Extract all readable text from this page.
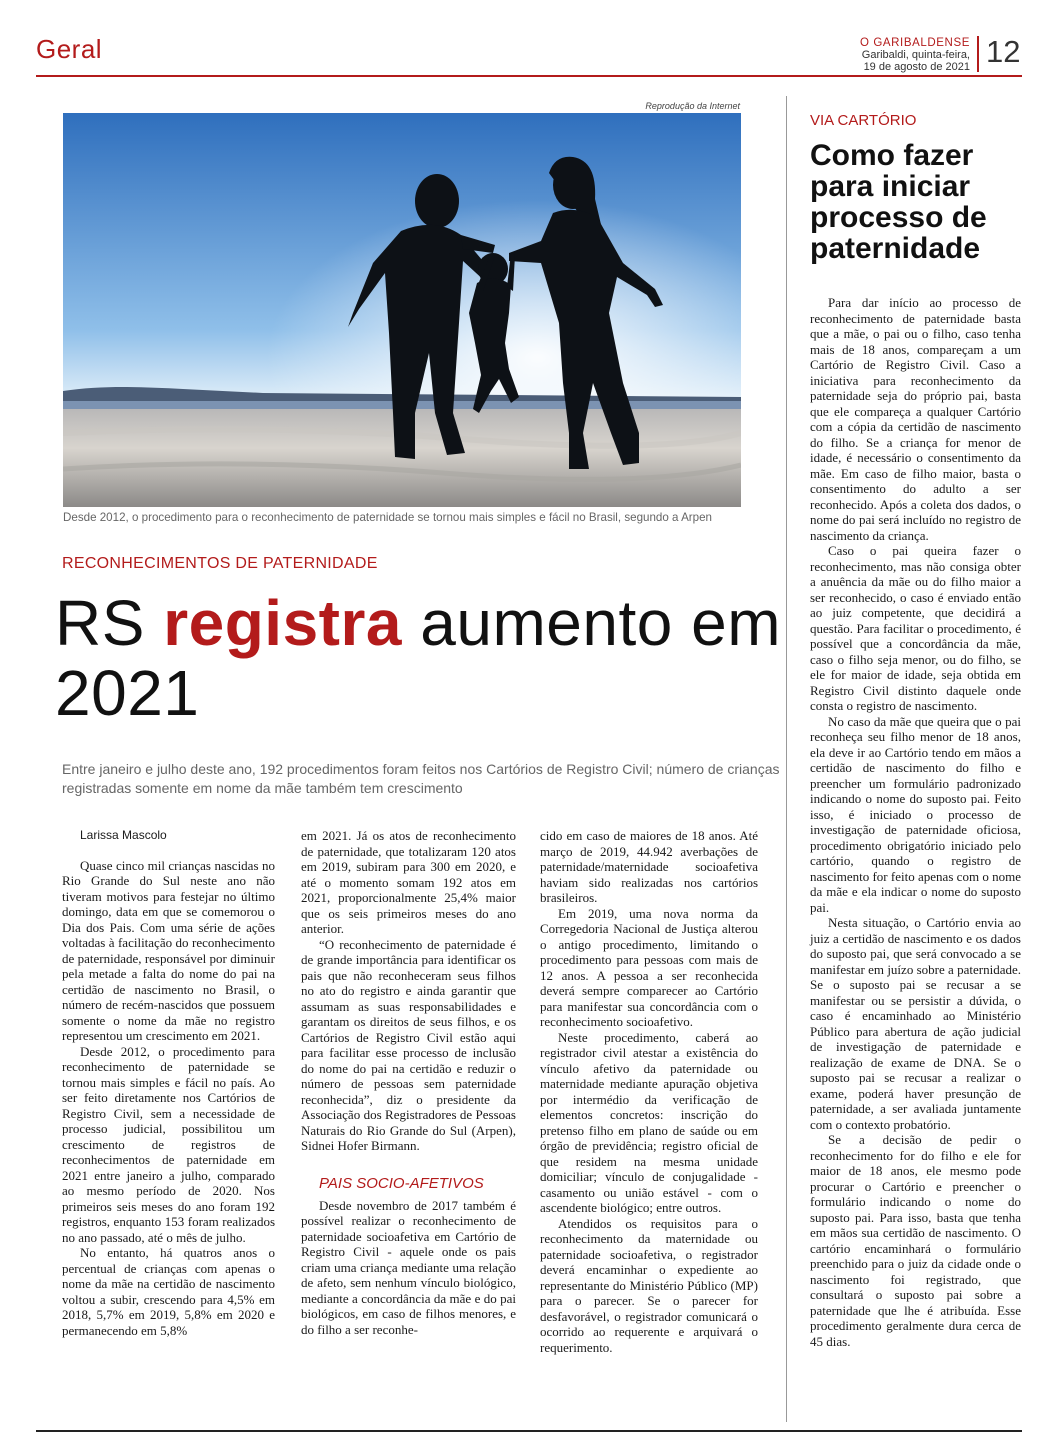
Geral	O GARIBALDENSE
Garibaldi, quinta-feira,
19 de agosto de 2021 12
Reprodução da Internet
Desde 2012, o procedimento para o reconhecimento de paternidade se tornou mais simples e fácil no Brasil, segundo a Arpen
RECONHECIMENTOS DE PATERNIDADE
RS registra aumento em 2021
Entre janeiro e julho deste ano, 192 procedimentos foram feitos nos Cartórios de Registro Civil; número de crianças registradas somente em nome da mãe também tem crescimento

Larissa Mascolo

Quase cinco mil crianças nascidas no Rio Grande do Sul neste ano não tiveram motivos para festejar no último domingo, data em que se comemorou o Dia dos Pais. Com uma série de ações voltadas à facilitação do reconhecimento de paternidade, responsável por diminuir pela metade a falta do nome do pai na certidão de nascimento no Brasil, o número de recém-nascidos que possuem somente o nome da mãe no registro representou um crescimento em 2021.

Desde 2012, o procedimento para reconhecimento de paternidade se tornou mais simples e fácil no país. Ao ser feito diretamente nos Cartórios de Registro Civil, sem a necessidade de processo judicial, possibilitou um crescimento de registros de reconhecimentos de paternidade em 2021 entre janeiro a julho, comparado ao mesmo período de 2020. Nos primeiros seis meses do ano foram 192 registros, enquanto 153 foram realizados no ano passado, até o mês de julho.

No entanto, há quatros anos o percentual de crianças com apenas o nome da mãe na certidão de nascimento voltou a subir, crescendo para 4,5% em 2018, 5,7% em 2019, 5,8% em 2020 e permanecendo em 5,8%

em 2021. Já os atos de reconhecimento de paternidade, que totalizaram 120 atos em 2019, subiram para 300 em 2020, e até o momento somam 192 atos em 2021, proporcionalmente 25,4% maior que os seis primeiros meses do ano anterior.

“O reconhecimento de paternidade é de grande importância para identificar os pais que não reconheceram seus filhos no ato do registro e ainda garantir que assumam as suas responsabilidades e garantam os direitos de seus filhos, e os Cartórios de Registro Civil estão aqui para facilitar esse processo de inclusão do nome do pai na certidão e reduzir o número de pessoas sem paternidade reconhecida”, diz o presidente da Associação dos Registradores de Pessoas Naturais do Rio Grande do Sul (Arpen), Sidnei Hofer Birmann.

PAIS SOCIO-AFETIVOS

Desde novembro de 2017 também é possível realizar o reconhecimento de paternidade socioafetiva em Cartório de Registro Civil - aquele onde os pais criam uma criança mediante uma relação de afeto, sem nenhum vínculo biológico, mediante a concordância da mãe e do pai biológicos, em caso de filhos menores, e do filho a ser reconhe-

cido em caso de maiores de 18 anos. Até março de 2019, 44.942 averbações de paternidade/maternidade socioafetiva haviam sido realizadas nos cartórios brasileiros.

Em 2019, uma nova norma da Corregedoria Nacional de Justiça alterou o antigo procedimento, limitando o procedimento para pessoas com mais de 12 anos. A pessoa a ser reconhecida deverá sempre comparecer ao Cartório para manifestar sua concordância com o reconhecimento socioafetivo.

Neste procedimento, caberá ao registrador civil atestar a existência do vínculo afetivo da paternidade ou maternidade mediante apuração objetiva por intermédio da verificação de elementos concretos: inscrição do pretenso filho em plano de saúde ou em órgão de previdência; registro oficial de que residem na mesma unidade domiciliar; vínculo de conjugalidade - casamento ou união estável - com o ascendente biológico; entre outros.

Atendidos os requisitos para o reconhecimento da maternidade ou paternidade socioafetiva, o registrador deverá encaminhar o expediente ao representante do Ministério Público (MP) para o parecer. Se o parecer for desfavorável, o registrador comunicará o ocorrido ao requerente e arquivará o requerimento.

VIA CARTÓRIO
Como fazer para iniciar processo de paternidade

Para dar início ao processo de reconhecimento de paternidade basta que a mãe, o pai ou o filho, caso tenha mais de 18 anos, compareçam a um Cartório de Registro Civil. Caso a iniciativa para reconhecimento da paternidade seja do próprio pai, basta que ele compareça a qualquer Cartório com a cópia da certidão de nascimento do filho. Se a criança for menor de idade, é necessário o consentimento da mãe. Em caso de filho maior, basta o consentimento do adulto a ser reconhecido. Após a coleta dos dados, o nome do pai será incluído no registro de nascimento da criança.

Caso o pai queira fazer o reconhecimento, mas não consiga obter a anuência da mãe ou do filho maior a ser reconhecido, o caso é enviado então ao juiz competente, que decidirá a questão. Para facilitar o procedimento, é possível que a concordância da mãe, caso o filho seja menor, ou do filho, se ele for maior de idade, seja obtida em Registro Civil distinto daquele onde consta o registro de nascimento.

No caso da mãe que queira que o pai reconheça seu filho menor de 18 anos, ela deve ir ao Cartório tendo em mãos a certidão de nascimento do filho e preencher um formulário padronizado indicando o nome do suposto pai. Feito isso, é iniciado o processo de investigação de paternidade oficiosa, procedimento obrigatório iniciado pelo cartório, quando o registro de nascimento for feito apenas com o nome da mãe e ela indicar o nome do suposto pai.

Nesta situação, o Cartório envia ao juiz a certidão de nascimento e os dados do suposto pai, que será convocado a se manifestar em juízo sobre a paternidade. Se o suposto pai se recusar a se manifestar ou se persistir a dúvida, o caso é encaminhado ao Ministério Público para abertura de ação judicial de investigação de paternidade e realização de exame de DNA. Se o suposto pai se recusar a realizar o exame, poderá haver presunção de paternidade, a ser avaliada juntamente com o contexto probatório.

Se a decisão de pedir o reconhecimento for do filho e ele for maior de 18 anos, ele mesmo pode procurar o Cartório e preencher o formulário indicando o nome do suposto pai. Para isso, basta que tenha em mãos sua certidão de nascimento. O cartório encaminhará o formulário preenchido para o juiz da cidade onde o nascimento foi registrado, que consultará o suposto pai sobre a paternidade que lhe é atribuída. Esse procedimento geralmente dura cerca de 45 dias.
